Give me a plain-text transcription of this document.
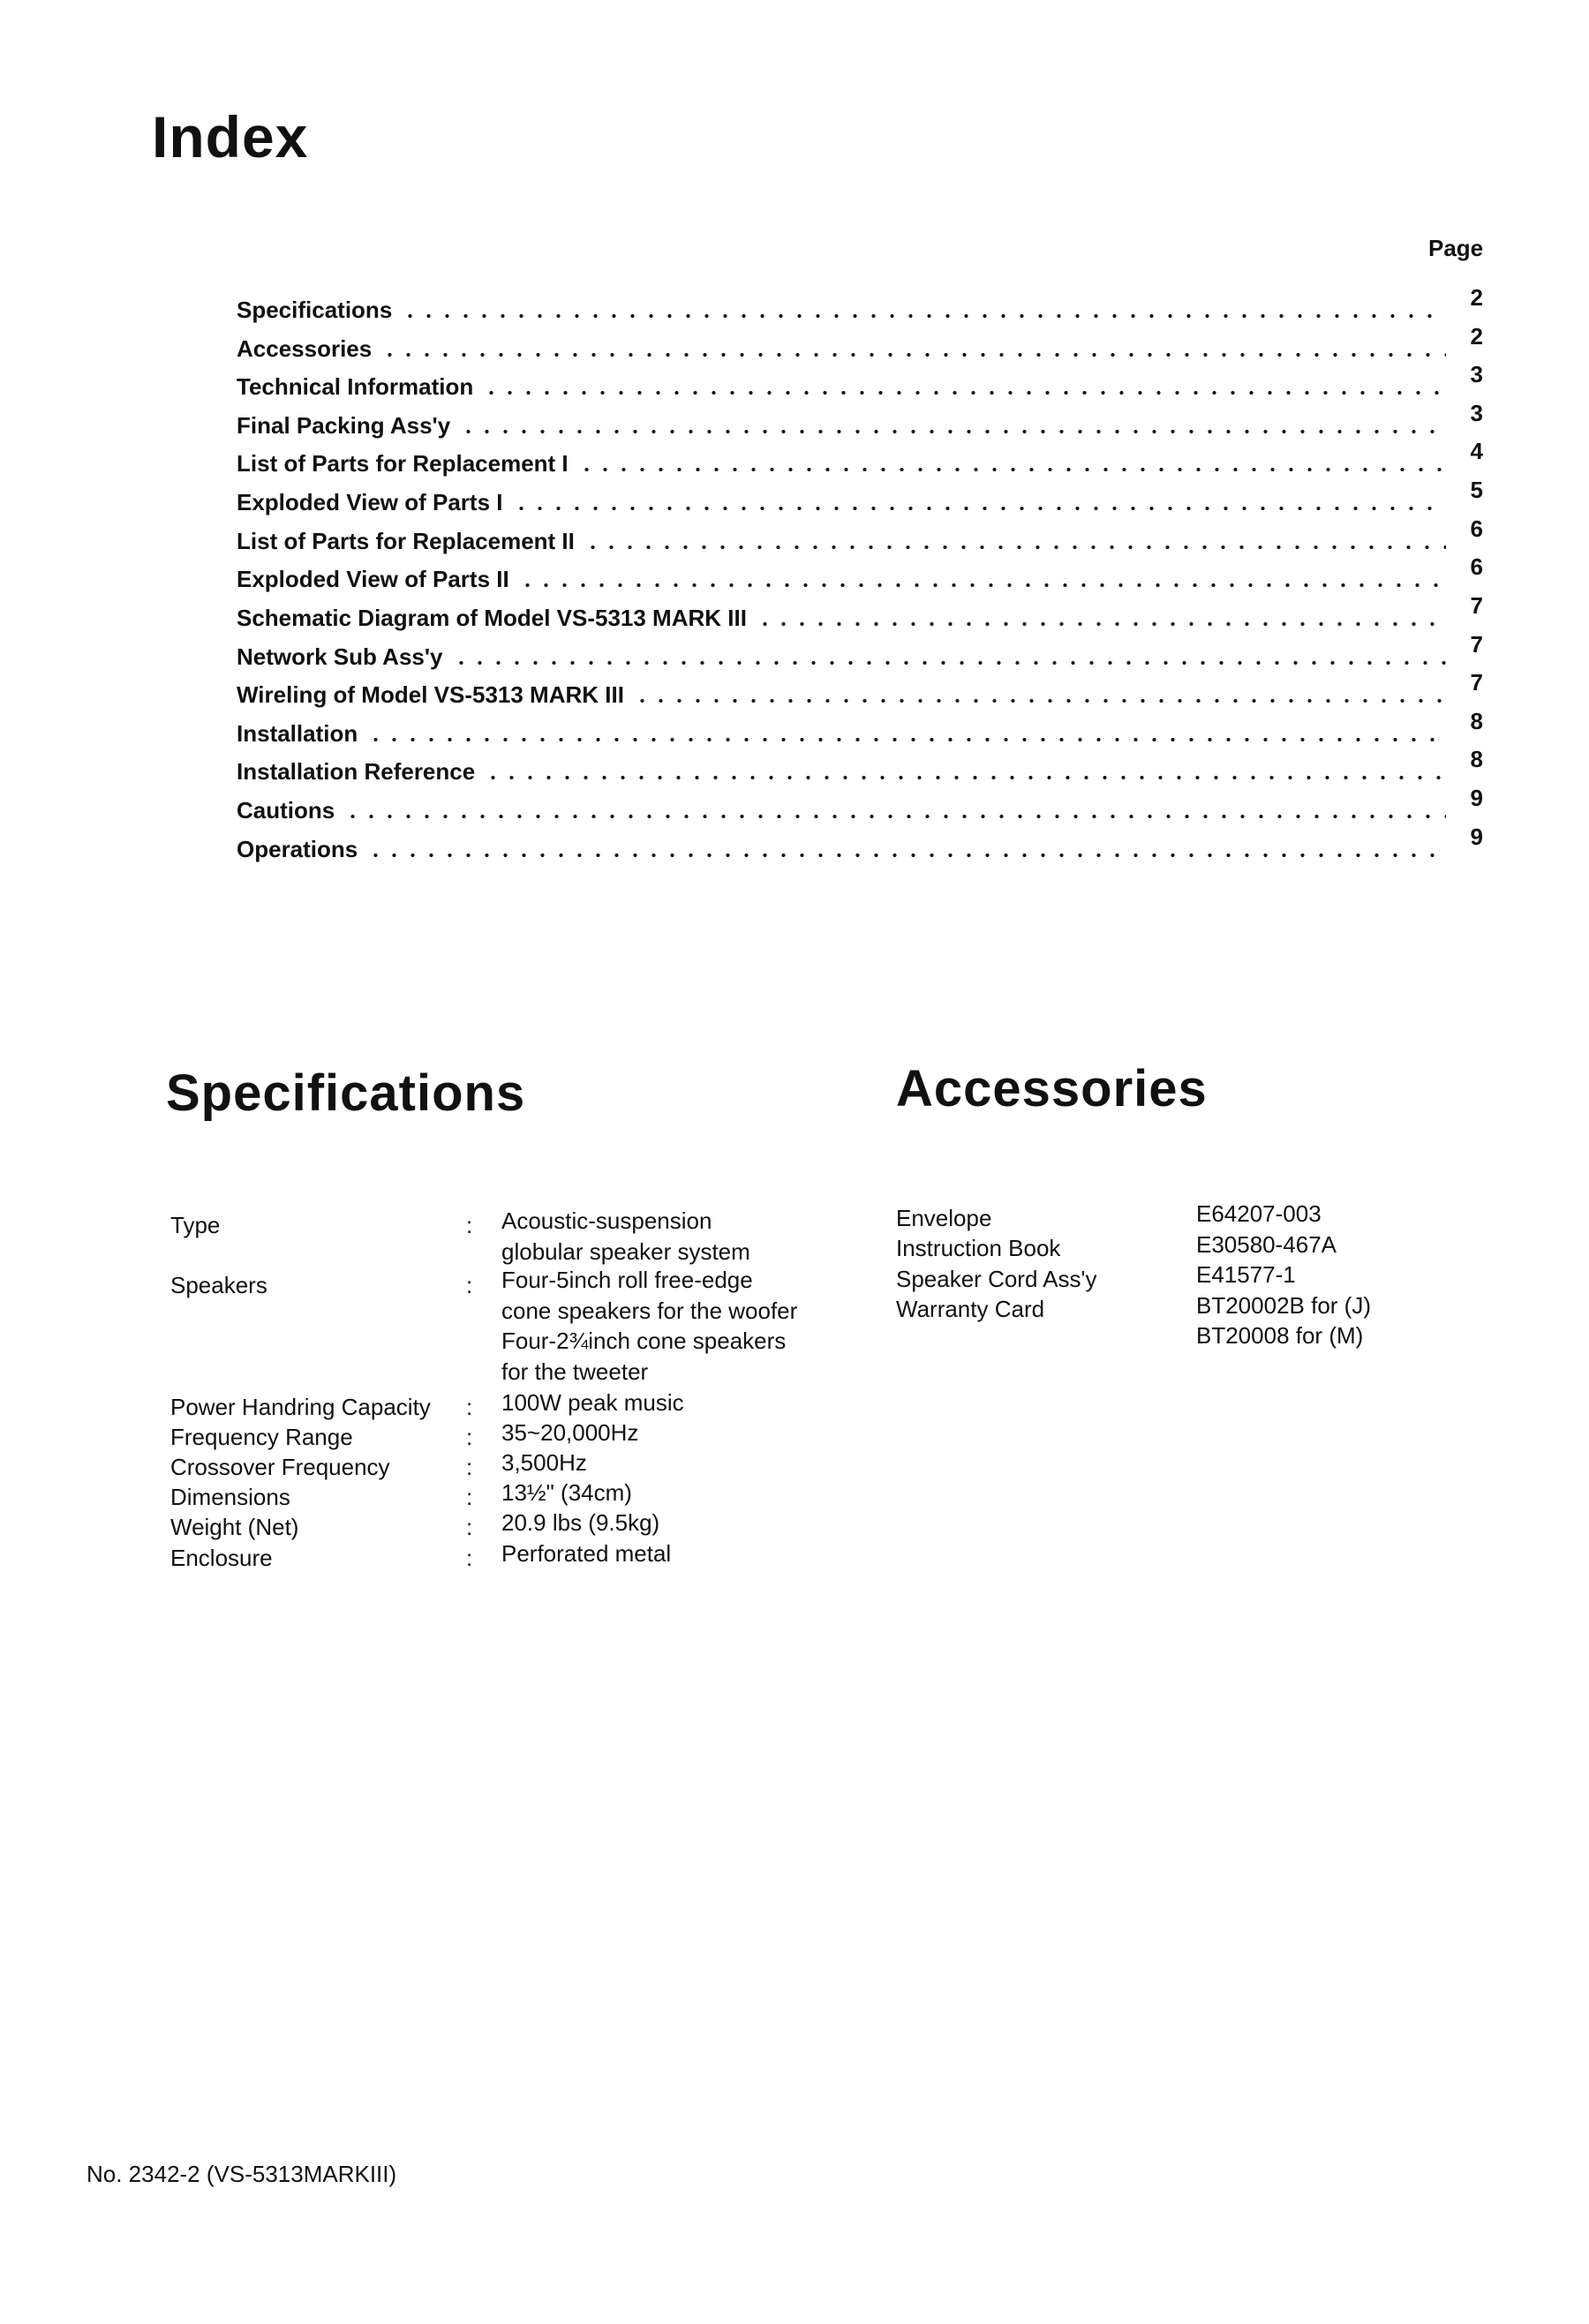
Index
Page
Specifications	2
Accessories	2
Technical Information	3
Final Packing Ass'y	3
List of Parts for Replacement I	4
Exploded View of Parts I	5
List of Parts for Replacement II	6
Exploded View of Parts II	6
Schematic Diagram of Model VS-5313 MARK III	7
Network Sub Ass'y	7
Wireling of Model VS-5313 MARK III	7
Installation	8
Installation Reference	8
Cautions	9
Operations	9
Specifications	Accessories
Type	: Acoustic-suspension
globular speaker system
Speakers	: Four-5inch roll free-edge
cone speakers for the woofer
Four-2¾inch cone speakers
for the tweeter
Power Handring Capacity : 100W peak music
Frequency Range	: 35~20,000Hz
Crossover Frequency	: 3,500Hz
Dimensions	: 13½" (34cm)
Weight (Net)	: 20.9 lbs (9.5kg)
Enclosure	: Perforated metal
Envelope	E64207-003
Instruction Book	E30580-467A
Speaker Cord Ass'y	E41577-1
Warranty Card	BT20002B for (J)
BT20008 for (M)
No. 2342-2 (VS-5313MARKIII)
